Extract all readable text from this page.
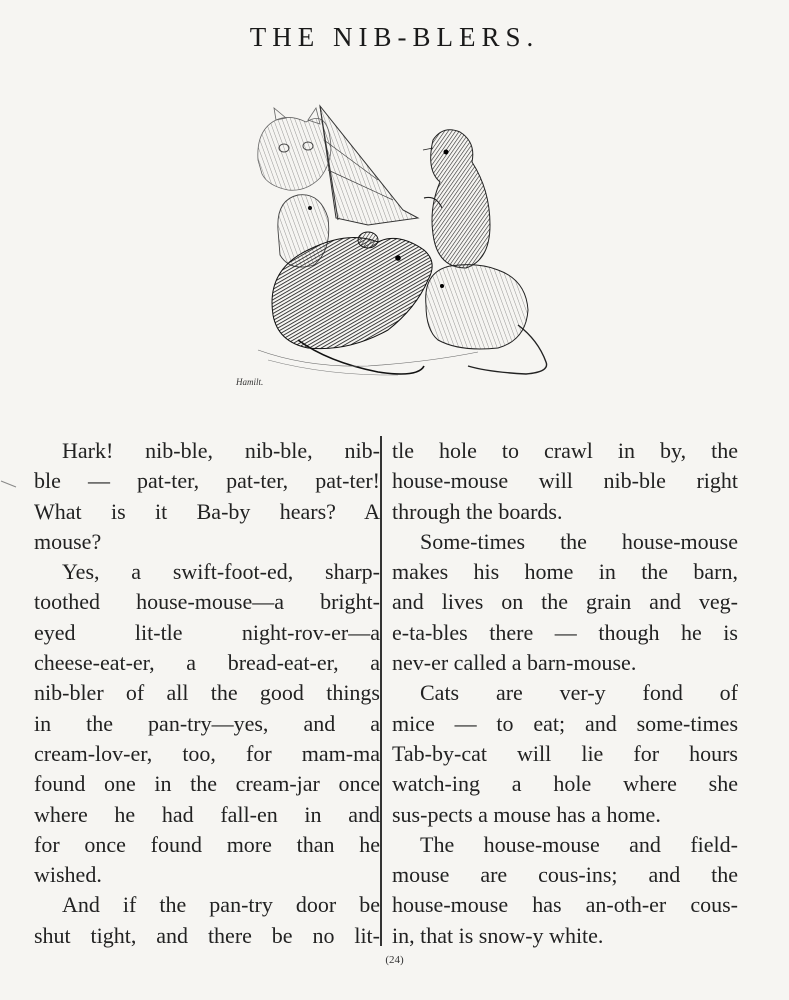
THE NIB-BLERS.
Hamilt.
Hark! nib-ble, nib-ble, nib-
ble — pat-ter, pat-ter, pat-ter!
What is it Ba-by hears? A
mouse?
Yes, a swift-foot-ed, sharp-
toothed house-mouse—a bright-
eyed lit-tle night-rov-er—a
cheese-eat-er, a bread-eat-er, a
nib-bler of all the good things
in the pan-try—yes, and a
cream-lov-er, too, for mam-ma
found one in the cream-jar once
where he had fall-en in and
for once found more than he
wished.
And if the pan-try door be
shut tight, and there be no lit-
tle hole to crawl in by, the
house-mouse will nib-ble right
through the boards.
Some-times the house-mouse
makes his home in the barn,
and lives on the grain and veg-
e-ta-bles there — though he is
nev-er called a barn-mouse.
Cats are ver-y fond of
mice — to eat; and some-times
Tab-by-cat will lie for hours
watch-ing a hole where she
sus-pects a mouse has a home.
The house-mouse and field-
mouse are cous-ins; and the
house-mouse has an-oth-er cous-
in, that is snow-y white.
(24)
